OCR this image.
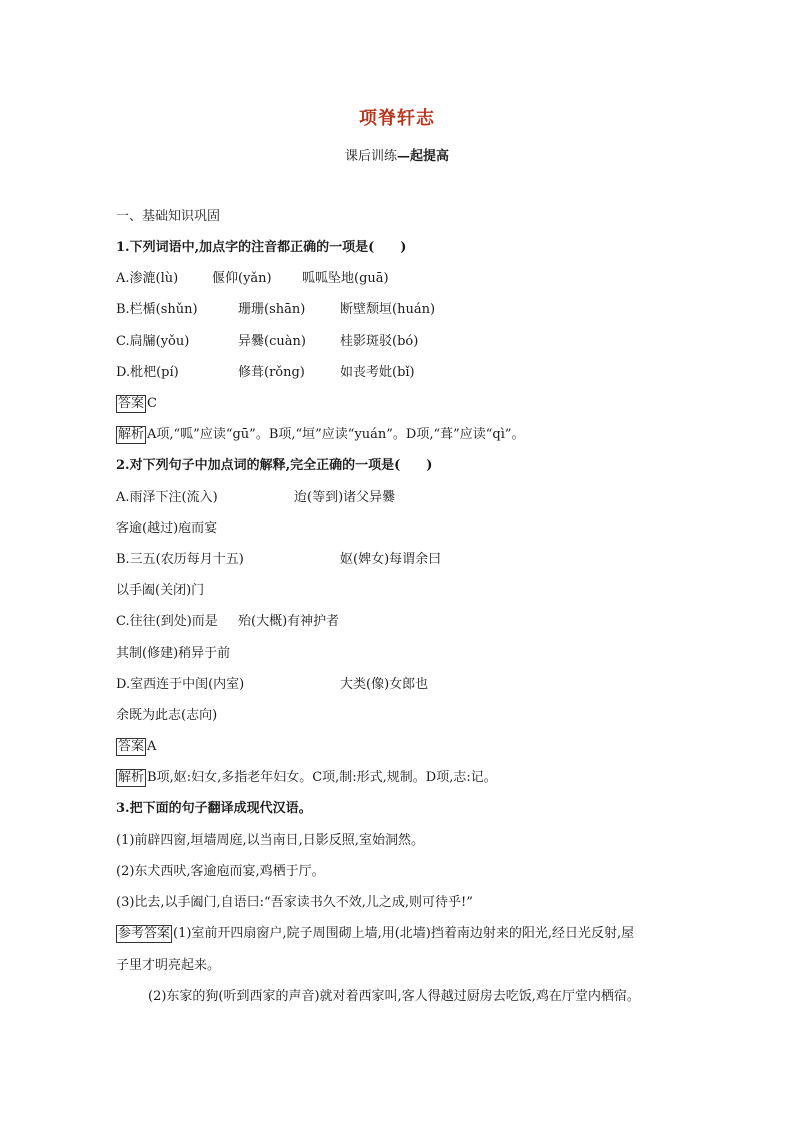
项脊轩志
课后训练—起提高
一、基础知识巩固
1.下列词语中,加点字的注音都正确的一项是(　　)
A.渗漉(lù)	偃仰(yǎn) 呱呱坠地(guā)
B.栏楯(shǔn)	珊珊(shān)	断壁颓垣(huán)
C.扃牖(yǒu)	异爨(cuàn)	桂影斑驳(bó)
D.枇杷(pí)	修葺(rǒng)	如丧考妣(bǐ)
答案 C
解析 A项,“呱”应读“gū”。B项,“垣”应读“yuán”。D项,“葺”应读“qì”。
2.对下列句子中加点词的解释,完全正确的一项是(　　)
A.雨泽下注(流入)	迨(等到)诸父异爨
客逾(越过)庖而宴
B.三五(农历每月十五)	妪(婢女)每谓余曰
以手阖(关闭)门
C.往往(到处)而是 殆(大概)有神护者
其制(修建)稍异于前
D.室西连于中闺(内室)	大类(像)女郎也
余既为此志(志向)
答案 A
解析 B项,妪:妇女,多指老年妇女。C项,制:形式,规制。D项,志:记。
3.把下面的句子翻译成现代汉语。
(1)前辟四窗,垣墙周庭,以当南日,日影反照,室始洞然。
(2)东犬西吠,客逾庖而宴,鸡栖于厅。
(3)比去,以手阖门,自语曰:“吾家读书久不效,儿之成,则可待乎!”
参考答案 (1)室前开四扇窗户,院子周围砌上墙,用(北墙)挡着南边射来的阳光,经日光反射,屋
子里才明亮起来。
(2)东家的狗(听到西家的声音)就对着西家叫,客人得越过厨房去吃饭,鸡在厅堂内栖宿。
